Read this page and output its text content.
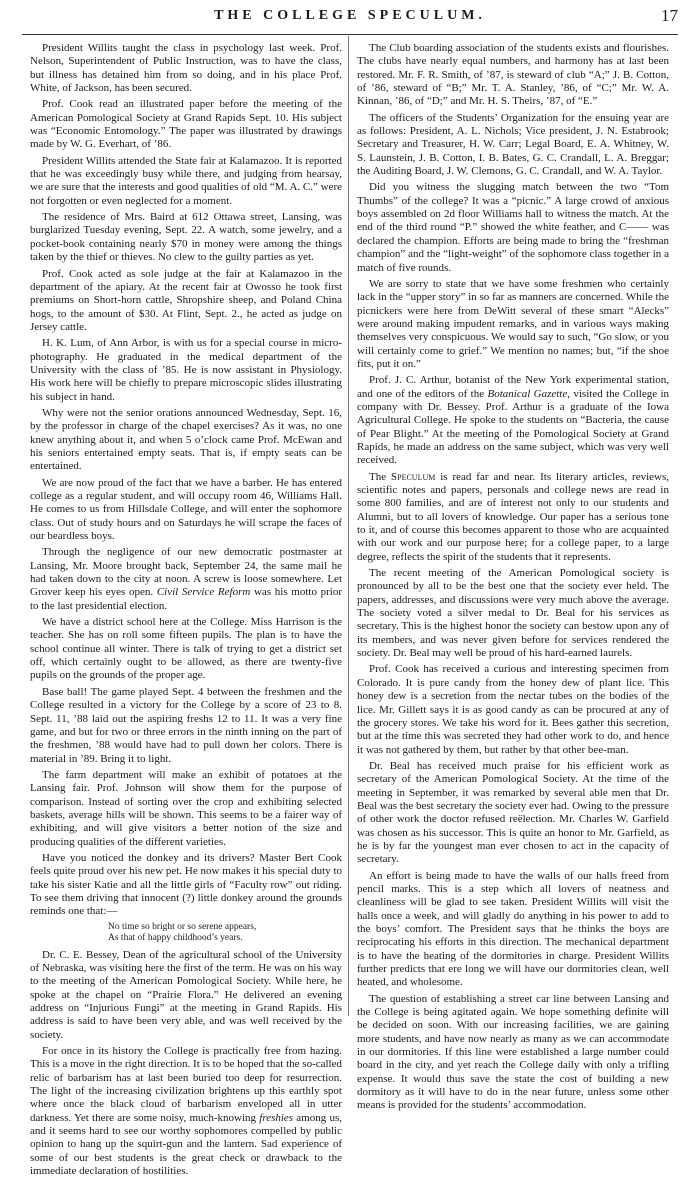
THE COLLEGE SPECULUM.	17

President Willits taught the class in psychology last week. Prof. Nelson, Superintendent of Public Instruction, was to have the class, but illness has detained him from so doing, and in his place Prof. White, of Jackson, has been secured.

Prof. Cook read an illustrated paper before the meeting of the American Pomological Society at Grand Rapids Sept. 10. His subject was “Economic Entomology.” The paper was illustrated by drawings made by W. G. Everhart, of ’86.

President Willits attended the State fair at Kalamazoo. It is reported that he was exceedingly busy while there, and judging from hearsay, we are sure that the interests and good qualities of old “M. A. C.” were not forgotten or even neglected for a moment.

The residence of Mrs. Baird at 612 Ottawa street, Lansing, was burglarized Tuesday evening, Sept. 22. A watch, some jewelry, and a pocket-book containing nearly $70 in money were among the things taken by the thief or thieves. No clew to the guilty parties as yet.

Prof. Cook acted as sole judge at the fair at Kalamazoo in the department of the apiary. At the recent fair at Owosso he took first premiums on Short-horn cattle, Shropshire sheep, and Poland China hogs, to the amount of $30. At Flint, Sept. 2., he acted as judge on Jersey cattle.

H. K. Lum, of Ann Arbor, is with us for a special course in micro-photography. He graduated in the medical department of the University with the class of ’85. He is now assistant in Physiology. His work here will be chiefly to prepare microscopic slides illustrating his subject in hand.

Why were not the senior orations announced Wednesday, Sept. 16, by the professor in charge of the chapel exercises? As it was, no one knew anything about it, and when 5 o’clock came Prof. McEwan and his seniors entertained empty seats. That is, if empty seats can be entertained.

We are now proud of the fact that we have a barber. He has entered college as a regular student, and will occupy room 46, Williams Hall. He comes to us from Hillsdale College, and will enter the sophomore class. Out of study hours and on Saturdays he will scrape the faces of our beardless boys.

Through the negligence of our new democratic postmaster at Lansing, Mr. Moore brought back, September 24, the same mail he had taken down to the city at noon. A screw is loose somewhere. Let Grover keep his eyes open. Civil Service Reform was his motto prior to the last presidential election.

We have a district school here at the College. Miss Harrison is the teacher. She has on roll some fifteen pupils. The plan is to have the school continue all winter. There is talk of trying to get a district set off, which certainly ought to be allowed, as there are twenty-five pupils on the grounds of the proper age.

Base ball! The game played Sept. 4 between the freshmen and the College resulted in a victory for the College by a score of 23 to 8. Sept. 11, ’88 laid out the aspiring freshs 12 to 11. It was a very fine game, and but for two or three errors in the ninth inning on the part of the freshmen, ’88 would have had to pull down her colors. There is material in ’89. Bring it to light.

The farm department will make an exhibit of potatoes at the Lansing fair. Prof. Johnson will show them for the purpose of comparison. Instead of sorting over the crop and exhibiting selected baskets, average hills will be shown. This seems to be a fairer way of exhibiting, and will give visitors a better notion of the size and producing qualities of the different varieties.

Have you noticed the donkey and its drivers? Master Bert Cook feels quite proud over his new pet. He now makes it his special duty to take his sister Katie and all the little girls of “Faculty row” out riding. To see them driving that innocent (?) little donkey around the grounds reminds one that:—

No time so bright or so serene appears,
As that of happy childhood’s years.

Dr. C. E. Bessey, Dean of the agricultural school of the University of Nebraska, was visiting here the first of the term. He was on his way to the meeting of the American Pomological Society. While here, he spoke at the chapel on “Prairie Flora.” He delivered an evening address on “Injurious Fungi” at the meeting in Grand Rapids. His address is said to have been very able, and was well received by the society.

For once in its history the College is practically free from hazing. This is a move in the right direction. It is to be hoped that the so-called relic of barbarism has at last been buried too deep for resurrection. The light of the increasing civilization brightens up this earthly spot where once the black cloud of barbarism enveloped all in utter darkness. Yet there are some noisy, much-knowing freshies among us, and it seems hard to see our worthy sophomores compelled by public opinion to hang up the squirt-gun and the lantern. Sad experience of some of our best students is the great check or drawback to the immediate declaration of hostilities.

The Club boarding association of the students exists and flourishes. The clubs have nearly equal numbers, and harmony has at last been restored. Mr. F. R. Smith, of ’87, is steward of club “A;” J. B. Cotton, of ’86, steward of “B;” Mr. T. A. Stanley, ’86, of “C;” Mr. W. A. Kinnan, ’86, of “D;” and Mr. H. S. Theirs, ’87, of “E.”

The officers of the Students’ Organization for the ensuing year are as follows: President, A. L. Nichols; Vice president, J. N. Estabrook; Secretary and Treasurer, H. W. Carr; Legal Board, E. A. Whitney, W. S. Launstein, J. B. Cotton, I. B. Bates, G. C. Crandall, L. A. Breggar; the Auditing Board, J. W. Clemons, G. C. Crandall, and W. A. Taylor.

Did you witness the slugging match between the two “Tom Thumbs” of the college? It was a “picnic.” A large crowd of anxious boys assembled on 2d floor Williams hall to witness the match. At the end of the third round “P.” showed the white feather, and C—— was declared the champion. Efforts are being made to bring the “freshman champion” and the “light-weight” of the sophomore class together in a match of five rounds.

We are sorry to state that we have some freshmen who certainly lack in the “upper story” in so far as manners are concerned. While the picnickers were here from DeWitt several of these smart “Alecks” were around making impudent remarks, and in various ways making themselves very conspicuous. We would say to such, “Go slow, or you will certainly come to grief.” We mention no names; but, “if the shoe fits, put it on.”

Prof. J. C. Arthur, botanist of the New York experimental station, and one of the editors of the Botanical Gazette, visited the College in company with Dr. Bessey. Prof. Arthur is a graduate of the Iowa Agricultural College. He spoke to the students on “Bacteria, the cause of Pear Blight.” At the meeting of the Pomological Society at Grand Rapids, he made an address on the same subject, which was very well received.

The Speculum is read far and near. Its literary articles, reviews, scientific notes and papers, personals and college news are read in some 800 families, and are of interest not only to our students and Alumni, but to all lovers of knowledge. Our paper has a serious tone to it, and of course this becomes apparent to those who are acquainted with our work and our purpose here; for a college paper, to a large degree, reflects the spirit of the students that it represents.

The recent meeting of the American Pomological society is pronounced by all to be the best one that the society ever held. The papers, addresses, and discussions were very much above the average. The society voted a silver medal to Dr. Beal for his services as secretary. This is the highest honor the society can bestow upon any of its members, and was never given before for services rendered the society. Dr. Beal may well be proud of his hard-earned laurels.

Prof. Cook has received a curious and interesting specimen from Colorado. It is pure candy from the honey dew of plant lice. This honey dew is a secretion from the nectar tubes on the bodies of the lice. Mr. Gillett says it is as good candy as can be procured at any of the grocery stores. We take his word for it. Bees gather this secretion, but at the time this was secreted they had other work to do, and hence it was not gathered by them, but rather by that other bee-man.

Dr. Beal has received much praise for his efficient work as secretary of the American Pomological Society. At the time of the meeting in September, it was remarked by several able men that Dr. Beal was the best secretary the society ever had. Owing to the pressure of other work the doctor refused reëlection. Mr. Charles W. Garfield was chosen as his successor. This is quite an honor to Mr. Garfield, as he is by far the youngest man ever chosen to act in the capacity of secretary.

An effort is being made to have the walls of our halls freed from pencil marks. This is a step which all lovers of neatness and cleanliness will be glad to see taken. President Willits will visit the halls once a week, and will gladly do anything in his power to add to the boys’ comfort. The President says that he thinks the boys are reciprocating his efforts in this direction. The mechanical department is to have the heating of the dormitories in charge. President Willits further predicts that ere long we will have our dormitories clean, well heated, and wholesome.

The question of establishing a street car line between Lansing and the College is being agitated again. We hope something definite will be decided on soon. With our increasing facilities, we are gaining more students, and have now nearly as many as we can accommodate in our dormitories. If this line were established a large number could board in the city, and yet reach the College daily with only a trifling expense. It would thus save the state the cost of building a new dormitory as it will have to do in the near future, unless some other means is provided for the students’ accommodation.
